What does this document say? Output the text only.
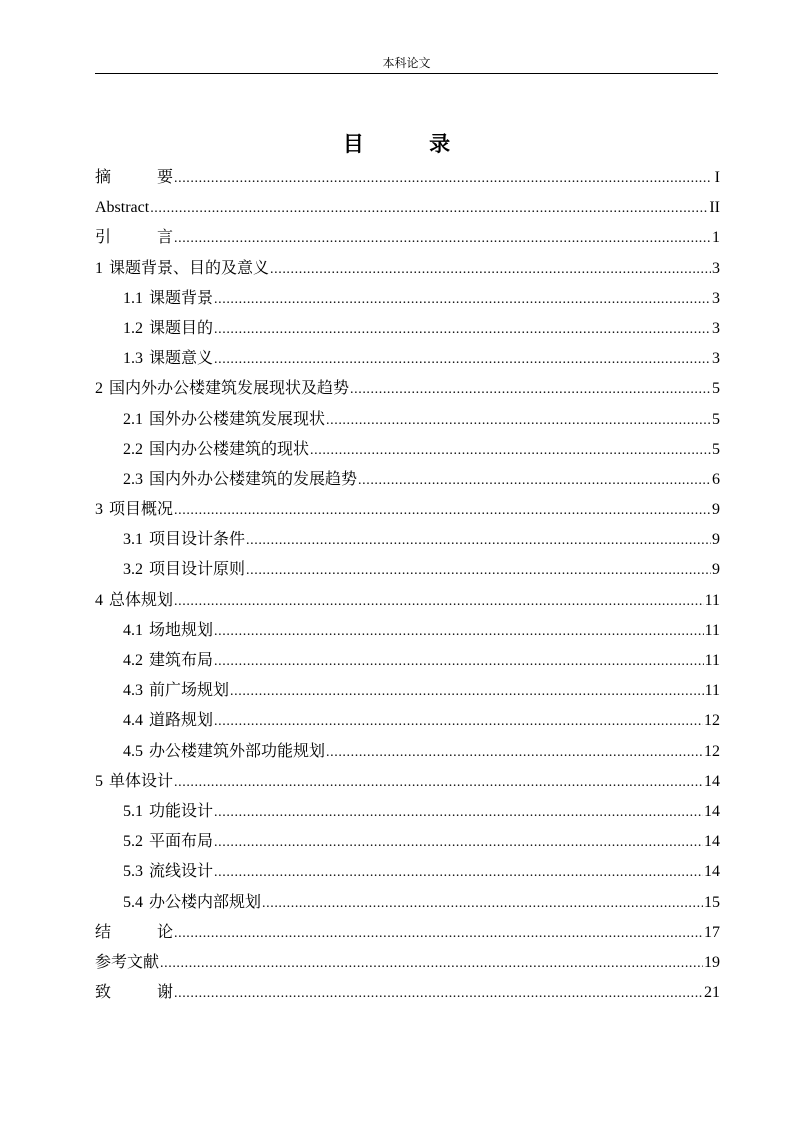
本科论文
目 录
摘 要 .....	I
Abstract .....	II
引 言 .....	1
1 课题背景、目的及意义 .....	3
1.1 课题背景 .....	3
1.2 课题目的 .....	3
1.3 课题意义 .....	3
2 国内外办公楼建筑发展现状及趋势 .....	5
2.1 国外办公楼建筑发展现状 .....	5
2.2 国内办公楼建筑的现状 .....	5
2.3 国内外办公楼建筑的发展趋势 .....	6
3 项目概况 .....	9
3.1 项目设计条件 .....	9
3.2 项目设计原则 .....	9
4 总体规划 .....	11
4.1 场地规划 .....	11
4.2 建筑布局 .....	11
4.3 前广场规划 .....	11
4.4 道路规划 .....	12
4.5 办公楼建筑外部功能规划 .....	12
5 单体设计 .....	14
5.1 功能设计 .....	14
5.2 平面布局 .....	14
5.3 流线设计 .....	14
5.4 办公楼内部规划 .....	15
结 论 .....	17
参考文献 .....	19
致 谢 .....	21
